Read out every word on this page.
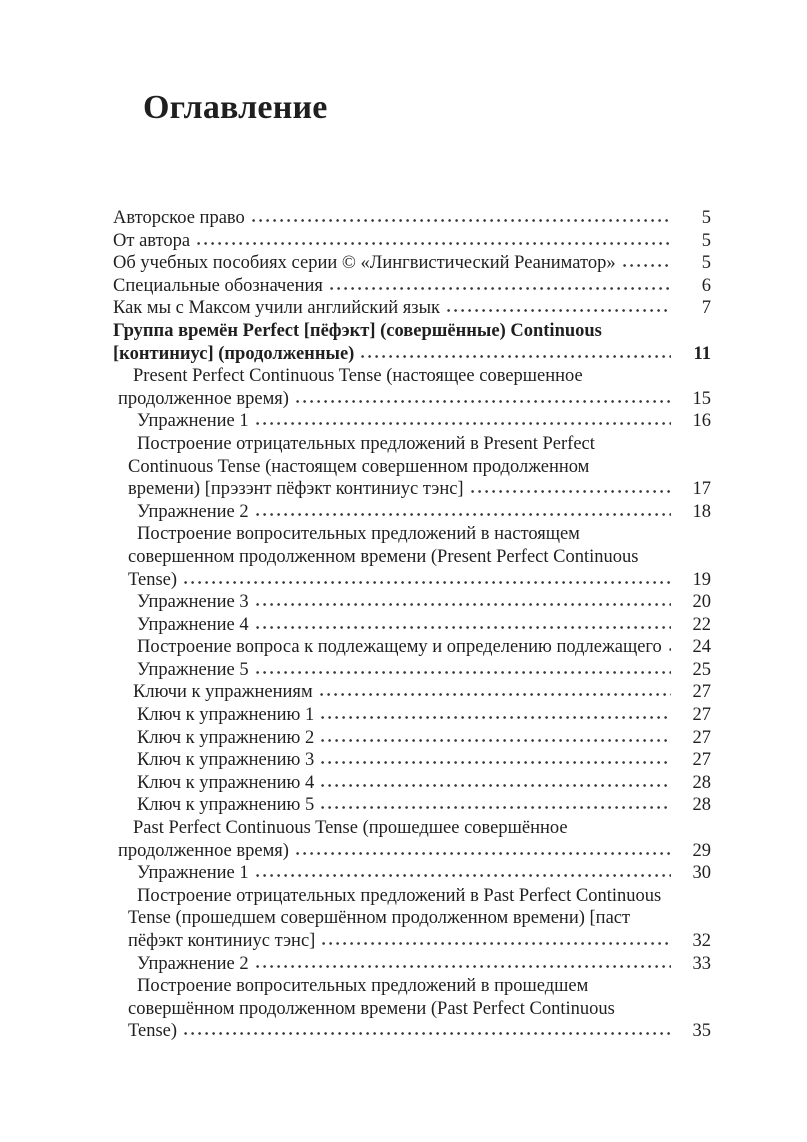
Оглавление
Авторское право	5
От автора	5
Об учебных пособиях серии © «Лингвистический Реаниматор»	5
Специальные обозначения	6
Как мы с Максом учили английский язык	7
Группа времён Perfect [пёфэкт] (совершённые) Continuous
[континиус] (продолженные)	11
Present Perfect Continuous Tense (настоящее совершенное
продолженное время)	15
Упражнение 1	16
Построение отрицательных предложений в Present Perfect
Continuous Tense (настоящем совершенном продолженном
времени) [прэзэнт пёфэкт континиус тэнс]	17
Упражнение 2	18
Построение вопросительных предложений в настоящем
совершенном продолженном времени (Present Perfect Continuous
Tense)	19
Упражнение 3	20
Упражнение 4	22
Построение вопроса к подлежащему и определению подлежащего	24
Упражнение 5	25
Ключи к упражнениям	27
Ключ к упражнению 1	27
Ключ к упражнению 2	27
Ключ к упражнению 3	27
Ключ к упражнению 4	28
Ключ к упражнению 5	28
Past Perfect Continuous Tense (прошедшее совершённое
продолженное время)	29
Упражнение 1	30
Построение отрицательных предложений в Past Perfect Continuous
Tense (прошедшем совершённом продолженном времени) [паст
пёфэкт континиус тэнс]	32
Упражнение 2	33
Построение вопросительных предложений в прошедшем
совершённом продолженном времени (Past Perfect Continuous
Tense)	35
